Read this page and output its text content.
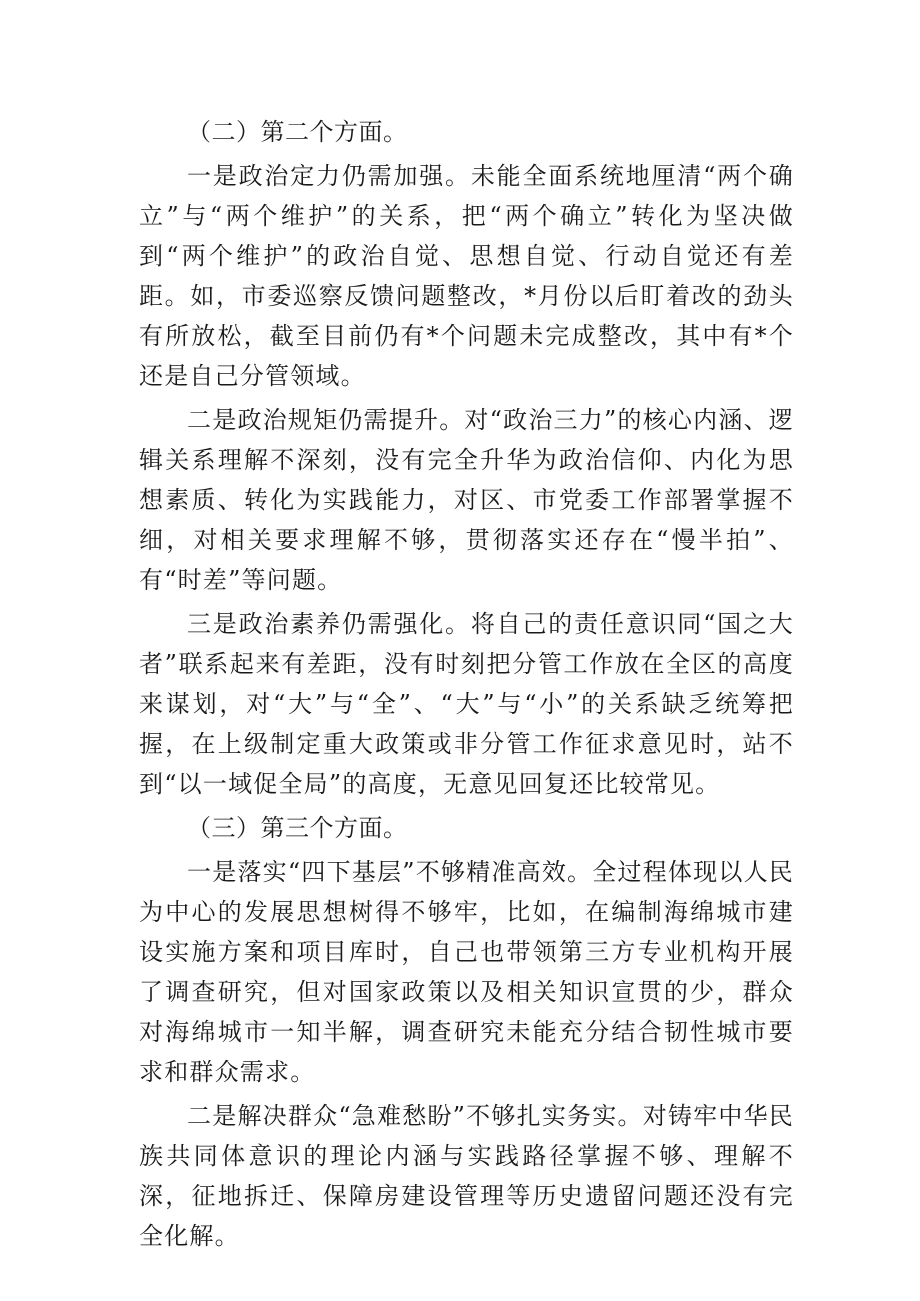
（二）第二个方面。

一是政治定力仍需加强。未能全面系统地厘清“两个确立”与“两个维护”的关系，把“两个确立”转化为坚决做到“两个维护”的政治自觉、思想自觉、行动自觉还有差距。如，市委巡察反馈问题整改，*月份以后盯着改的劲头有所放松，截至目前仍有*个问题未完成整改，其中有*个还是自己分管领域。

二是政治规矩仍需提升。对“政治三力”的核心内涵、逻辑关系理解不深刻，没有完全升华为政治信仰、内化为思想素质、转化为实践能力，对区、市党委工作部署掌握不细，对相关要求理解不够，贯彻落实还存在“慢半拍”、有“时差”等问题。

三是政治素养仍需强化。将自己的责任意识同“国之大者”联系起来有差距，没有时刻把分管工作放在全区的高度来谋划，对“大”与“全”、“大”与“小”的关系缺乏统筹把握，在上级制定重大政策或非分管工作征求意见时，站不到“以一域促全局”的高度，无意见回复还比较常见。

（三）第三个方面。

一是落实“四下基层”不够精准高效。全过程体现以人民为中心的发展思想树得不够牢，比如，在编制海绵城市建设实施方案和项目库时，自己也带领第三方专业机构开展了调查研究，但对国家政策以及相关知识宣贯的少，群众对海绵城市一知半解，调查研究未能充分结合韧性城市要求和群众需求。

二是解决群众“急难愁盼”不够扎实务实。对铸牢中华民族共同体意识的理论内涵与实践路径掌握不够、理解不深，征地拆迁、保障房建设管理等历史遗留问题还没有完全化解。
